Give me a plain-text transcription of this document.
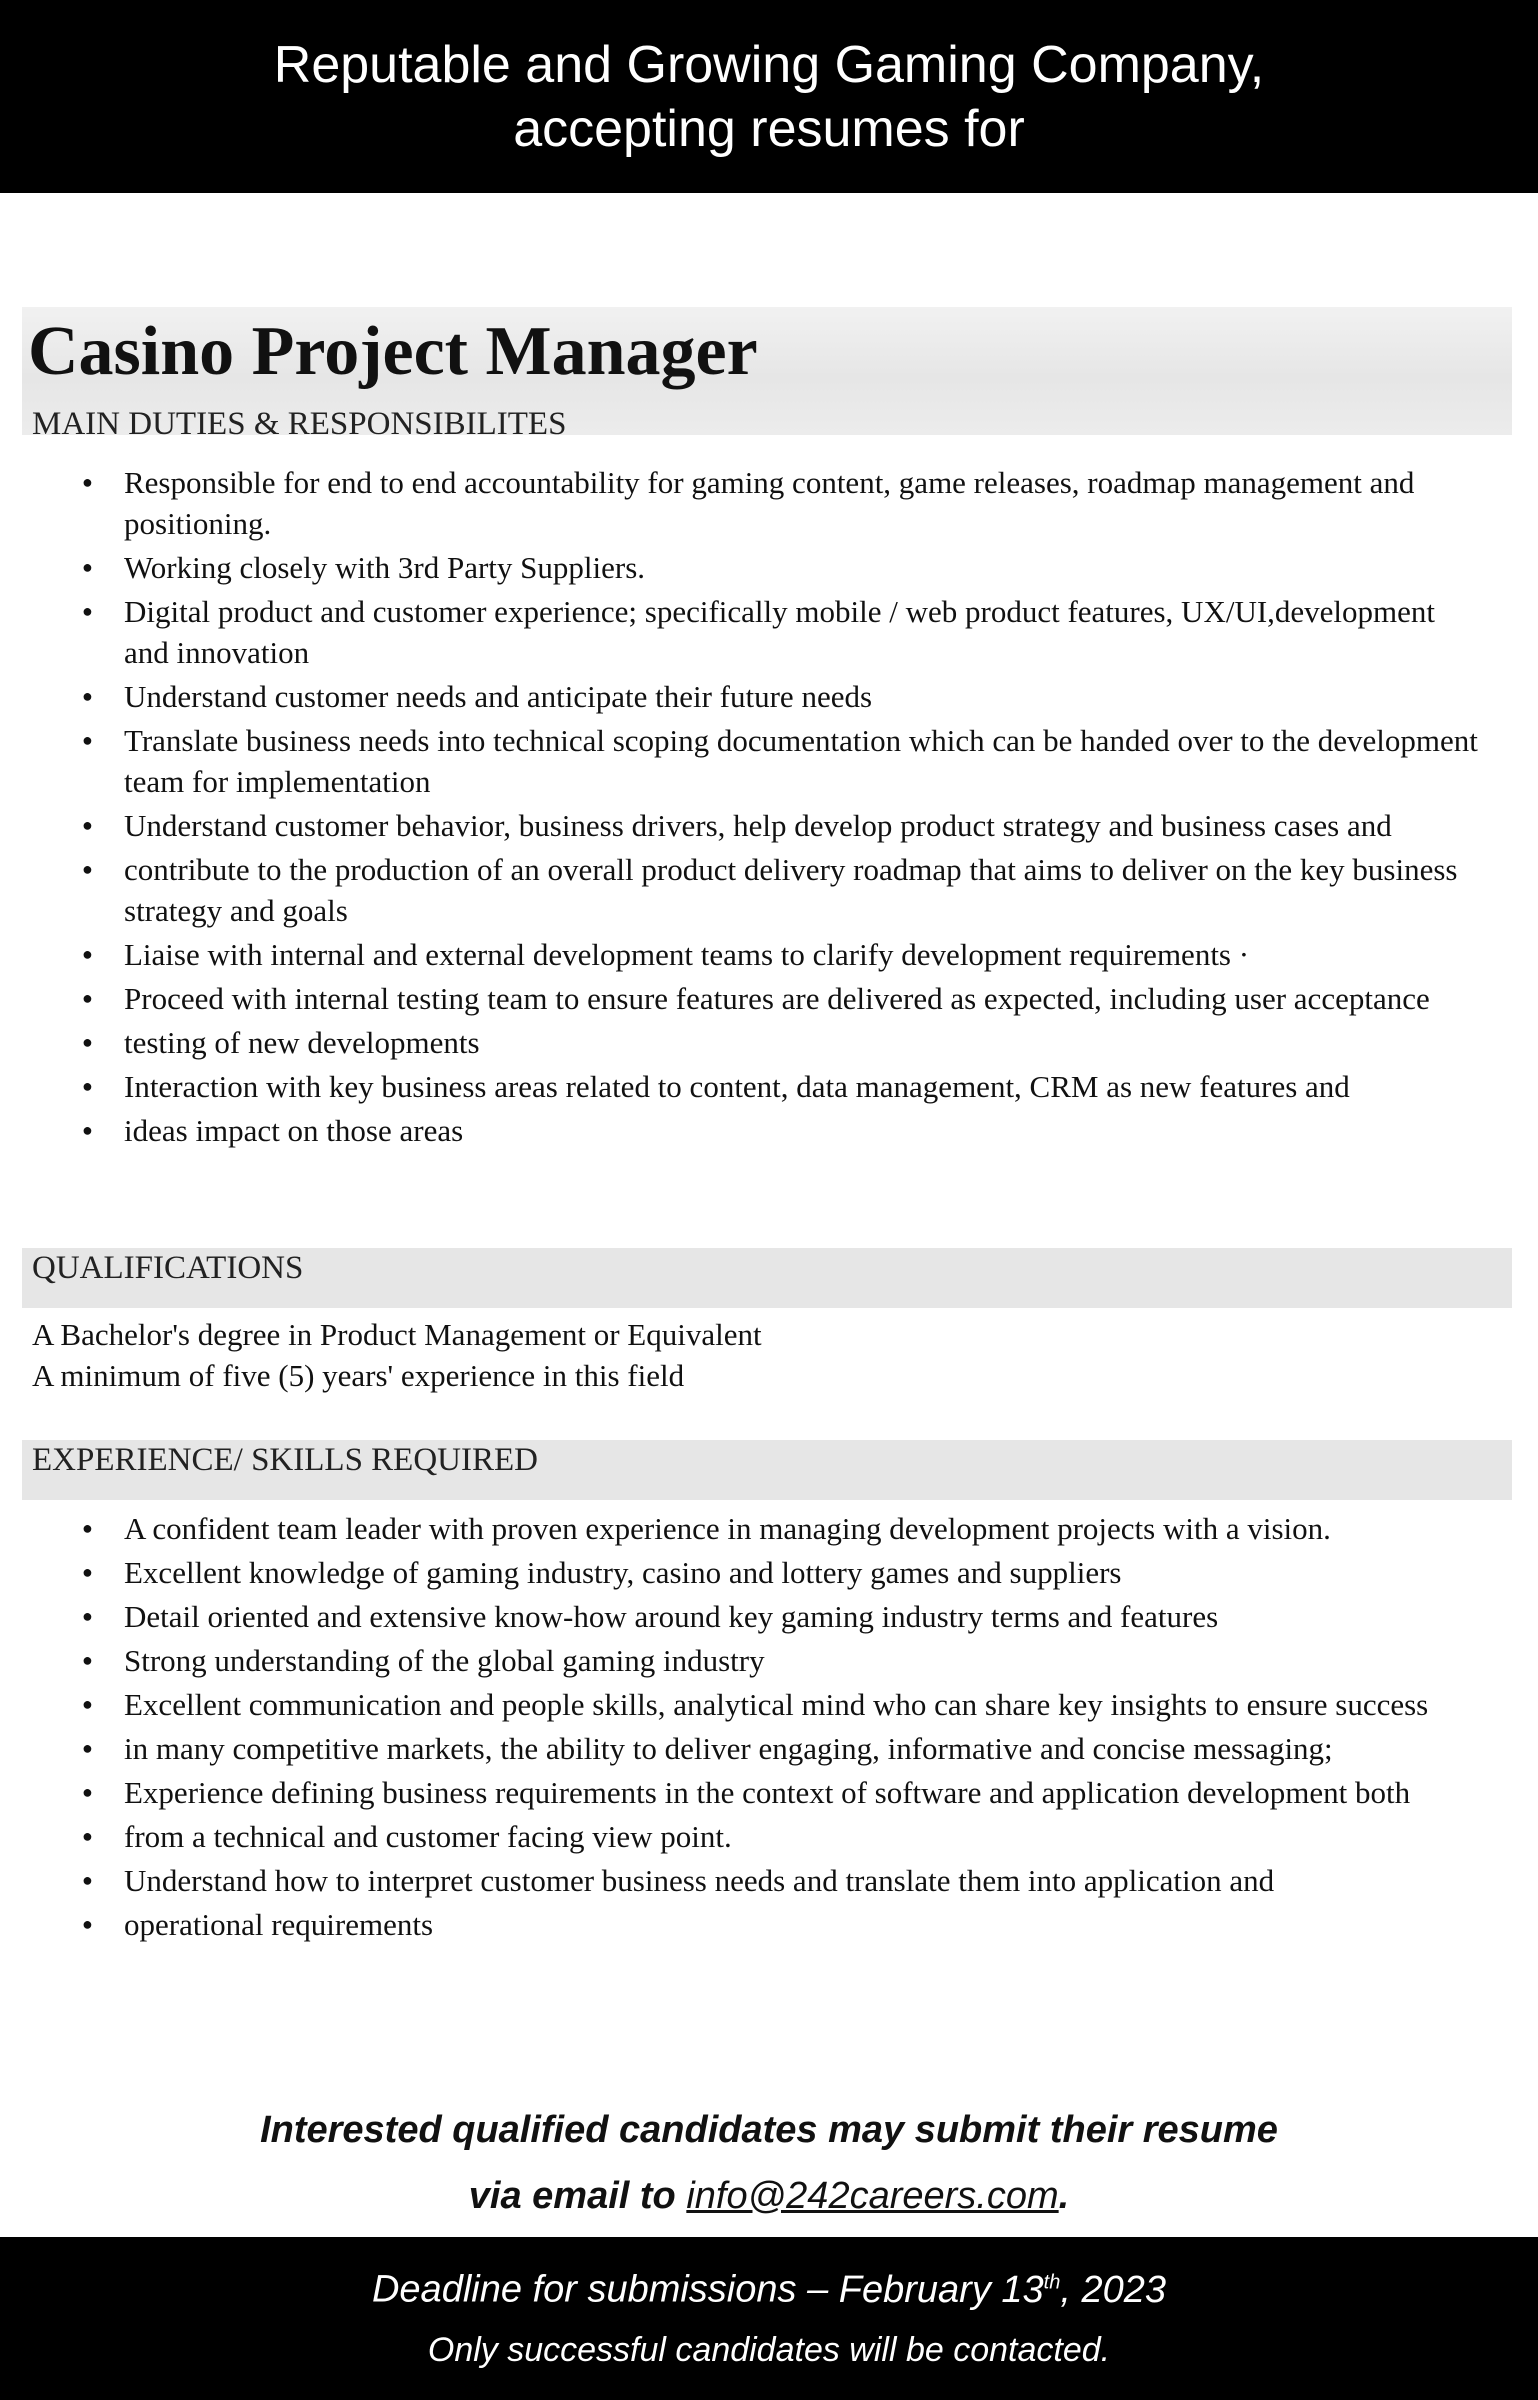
Reputable and Growing Gaming Company,
accepting resumes for
Casino Project Manager
MAIN DUTIES & RESPONSIBILITES
● Responsible for end to end accountability for gaming content, game releases, roadmap management and positioning.
● Working closely with 3rd Party Suppliers.
● Digital product and customer experience; specifically mobile / web product features, UX/UI,development and innovation
● Understand customer needs and anticipate their future needs
● Translate business needs into technical scoping documentation which can be handed over to the development team for implementation
● Understand customer behavior, business drivers, help develop product strategy and business cases and
● contribute to the production of an overall product delivery roadmap that aims to deliver on the key business strategy and goals
● Liaise with internal and external development teams to clarify development requirements ·
● Proceed with internal testing team to ensure features are delivered as expected, including user acceptance
● testing of new developments
● Interaction with key business areas related to content, data management, CRM as new features and
● ideas impact on those areas
QUALIFICATIONS
A Bachelor's degree in Product Management or Equivalent
A minimum of five (5) years' experience in this field
EXPERIENCE/ SKILLS REQUIRED
● A confident team leader with proven experience in managing development projects with a vision.
● Excellent knowledge of gaming industry, casino and lottery games and suppliers
● Detail oriented and extensive know-how around key gaming industry terms and features
● Strong understanding of the global gaming industry
● Excellent communication and people skills, analytical mind who can share key insights to ensure success
● in many competitive markets, the ability to deliver engaging, informative and concise messaging;
● Experience defining business requirements in the context of software and application development both
● from a technical and customer facing view point.
● Understand how to interpret customer business needs and translate them into application and
● operational requirements
Interested qualified candidates may submit their resume
via email to info@242careers.com.
Deadline for submissions – February 13th, 2023
Only successful candidates will be contacted.
